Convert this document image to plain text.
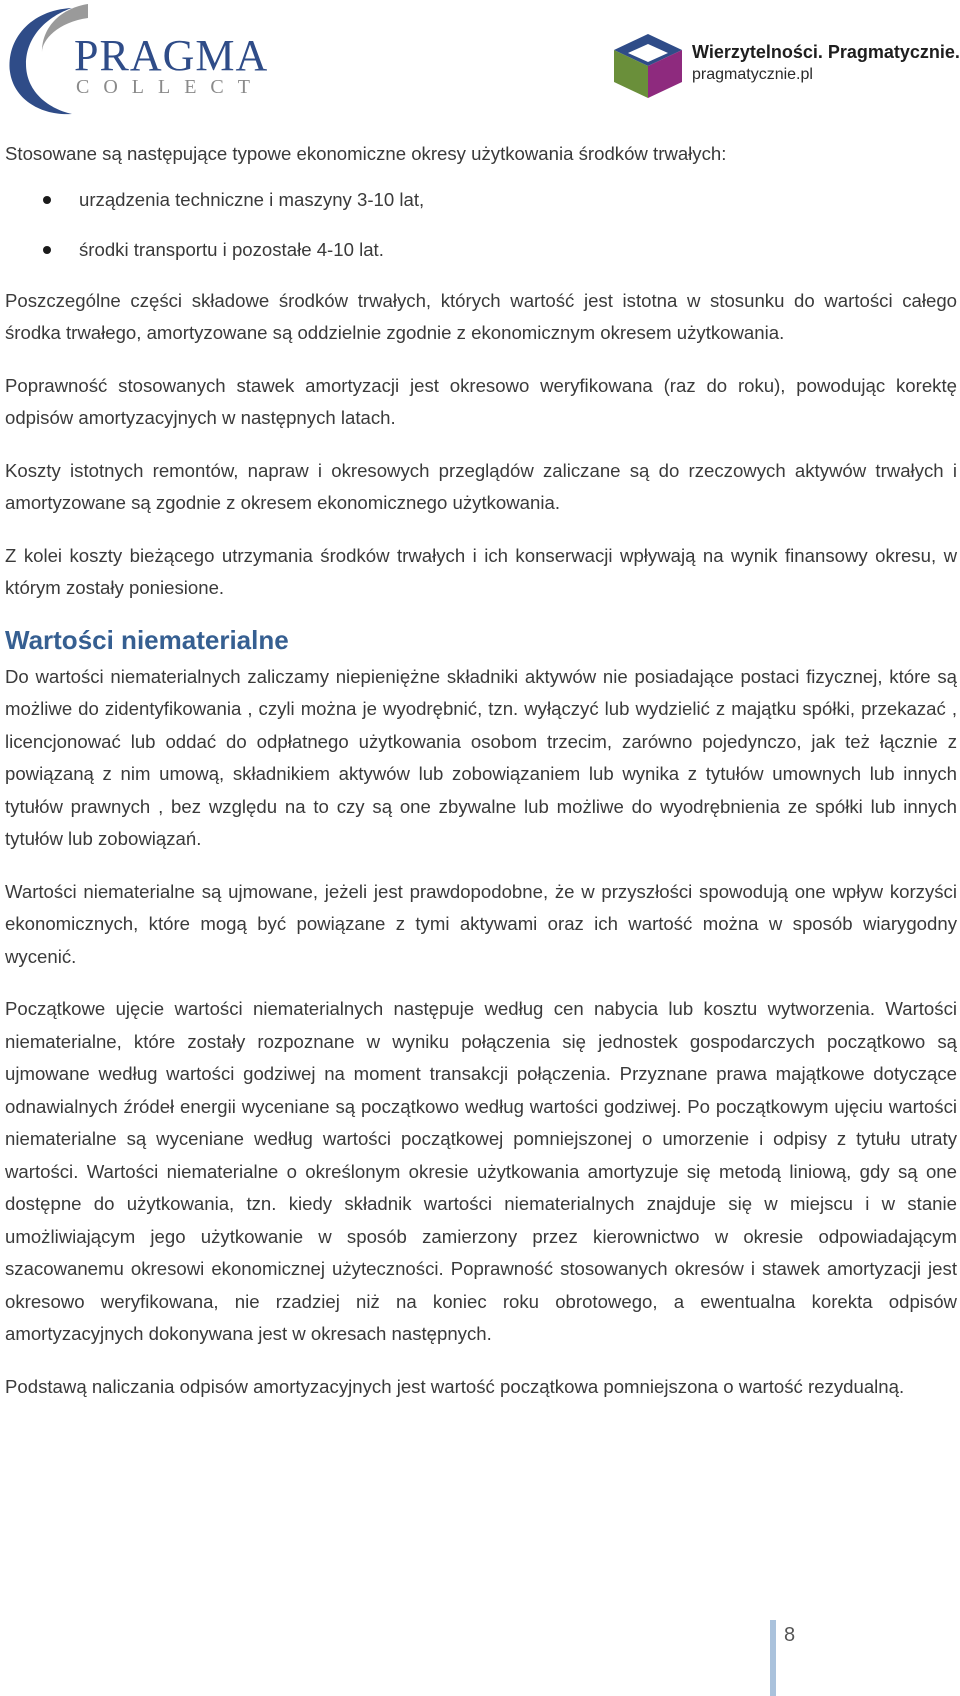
PRAGMA
COLLECT
Wierzytelności. Pragmatycznie.
pragmatycznie.pl

Stosowane są następujące typowe ekonomiczne okresy użytkowania środków trwałych:

urządzenia techniczne i maszyny 3-10 lat,
środki transportu i pozostałe 4-10 lat.

Poszczególne części składowe środków trwałych, których wartość jest istotna w stosunku do wartości całego środka trwałego, amortyzowane są oddzielnie zgodnie z ekonomicznym okresem użytkowania.

Poprawność stosowanych stawek amortyzacji jest okresowo weryfikowana (raz do roku), powodując korektę odpisów amortyzacyjnych w następnych latach.

Koszty istotnych remontów, napraw i okresowych przeglądów zaliczane są do rzeczowych aktywów trwałych i amortyzowane są zgodnie z okresem ekonomicznego użytkowania.

Z kolei koszty bieżącego utrzymania środków trwałych i ich konserwacji wpływają na wynik finansowy okresu, w którym zostały poniesione.

Wartości niematerialne

Do wartości niematerialnych zaliczamy niepieniężne składniki aktywów nie posiadające postaci fizycznej, które są możliwe do zidentyfikowania , czyli można je wyodrębnić, tzn. wyłączyć lub wydzielić z majątku spółki, przekazać , licencjonować lub oddać do odpłatnego użytkowania osobom trzecim, zarówno pojedynczo, jak też łącznie z powiązaną z nim umową, składnikiem aktywów lub zobowiązaniem lub wynika z tytułów umownych lub innych tytułów prawnych , bez względu na to czy są one zbywalne lub możliwe do wyodrębnienia ze spółki lub innych tytułów lub zobowiązań.

Wartości niematerialne są ujmowane, jeżeli jest prawdopodobne, że w przyszłości spowodują one wpływ korzyści ekonomicznych, które mogą być powiązane z tymi aktywami oraz ich wartość można w sposób wiarygodny wycenić.

Początkowe ujęcie wartości niematerialnych następuje według cen nabycia lub kosztu wytworzenia. Wartości niematerialne, które zostały rozpoznane w wyniku połączenia się jednostek gospodarczych początkowo są ujmowane według wartości godziwej na moment transakcji połączenia. Przyznane prawa majątkowe dotyczące odnawialnych źródeł energii wyceniane są początkowo według wartości godziwej. Po początkowym ujęciu wartości niematerialne są wyceniane według wartości początkowej pomniejszonej o umorzenie i odpisy z tytułu utraty wartości. Wartości niematerialne o określonym okresie użytkowania amortyzuje się metodą liniową, gdy są one dostępne do użytkowania, tzn. kiedy składnik wartości niematerialnych znajduje się w miejscu i w stanie umożliwiającym jego użytkowanie w sposób zamierzony przez kierownictwo w okresie odpowiadającym szacowanemu okresowi ekonomicznej użyteczności. Poprawność stosowanych okresów i stawek amortyzacji jest okresowo weryfikowana, nie rzadziej niż na koniec roku obrotowego, a ewentualna korekta odpisów amortyzacyjnych dokonywana jest w okresach następnych.

Podstawą naliczania odpisów amortyzacyjnych jest wartość początkowa pomniejszona o wartość rezydualną.

8
